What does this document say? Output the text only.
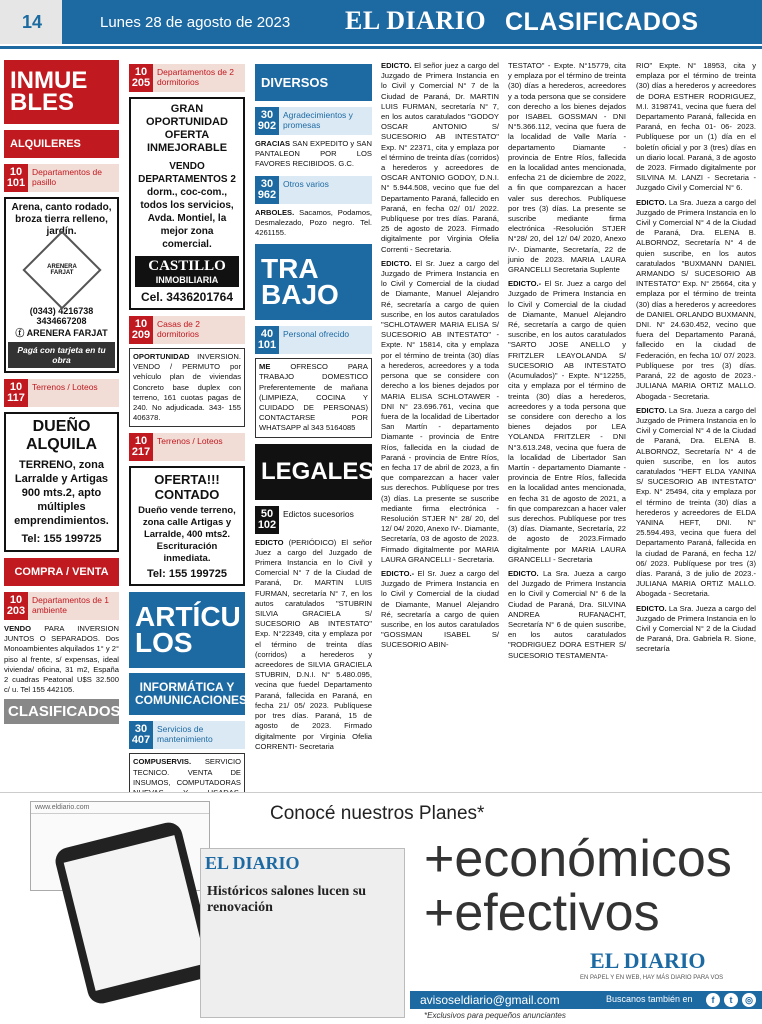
14	Lunes 28 de agosto de 2023 EL DIARIO CLASIFICADOS
INMUE BLES
ALQUILERES
10 101
Departamentos de pasillo
Arena, canto rodado, broza tierra relleno, jardín.
ARENERA FARJAT
(0343) 4216738
3434667208
ⓕ ARENERA FARJAT
Pagá con tarjeta en tu obra
10 117
Terrenos / Loteos
DUEÑO ALQUILA
TERRENO, zona Larralde y Artigas 900 mts.2, apto múltiples emprendimientos.
Tel: 155 199725
COMPRA / VENTA
10 203
Departamentos de 1 ambiente
VENDO PARA INVERSION JUNTOS O SEPARADOS. Dos Monoambientes alquilados 1° y 2° piso al frente, s/ expensas, ideal vivienda/ oficina, 31 m2, España 2 cuadras Peatonal U$S 32.500 c/ u. Tel 155 442105.
CLASIFICADOS
10 205
Departamentos de 2 dormitorios
GRAN OPORTUNIDAD OFERTA INMEJORABLE
VENDO DEPARTAMENTOS 2 dorm., coc-com., todos los servicios, Avda. Montiel, la mejor zona comercial.
CASTILLO
INMOBILIARIA
Cel. 3436201764
10 209
Casas de 2 dormitorios
OPORTUNIDAD INVERSION. VENDO / PERMUTO por vehículo plan de viviendas Concreto base duplex con terreno, 161 cuotas pagas de 240. No adjudicada. 343- 155 406378.
10 217
Terrenos / Loteos
OFERTA!!! CONTADO
Dueño vende terreno, zona calle Artigas y Larralde, 400 mts2. Escrituración inmediata.
Tel: 155 199725
ARTÍCU LOS
INFORMÁTICA Y COMUNICACIONES
30 407
Servicios de mantenimiento
COMPUSERVIS. SERVICIO TECNICO. VENTA DE INSUMOS, COMPUTADORAS
DIVERSOS
30 902
Agradecimientos y promesas
GRACIAS SAN EXPEDITO y SAN PANTALEON POR LOS FAVORES RECIBIDOS. G.C.
30 962
Otros varios
ARBOLES. Sacamos, Podamos, Desmalezado, Pozo negro. Tel. 4261155.
TRA BAJO
40 101
Personal ofrecido
ME	OFRESCO PARA TRABAJO DOMESTICO Preferentemente de mañana (LIMPIEZA, COCINA Y CUIDADO DE PERSONAS) CONTACTARSE POR WHATSAPP al 343 5164085
LEGALES
50 102
Edictos sucesorios
EDICTO (PERIÓDICO) El señor Juez a cargo del Juzgado de Primera Instancia en lo Civil y Comercial N° 7 de la Ciudad de Paraná, Dr. MARTIN LUIS FURMAN, secretaría N° 7, en los autos caratulados "STUBRIN SILVIA GRACIELA S/ SUCESORIO AB INTESTATO" Exp. N°22349, cita y emplaza por el término de treinta días (corridos) a herederos y acreedores de SILVIA GRACIELA STUBRIN, D.N.I. N° 5.480.095, vecina que fuedel Departamento Paraná, fallecida en Paraná, en fecha 21/ 05/ 2023. Publíquese por tres días. Paraná, 15 de agosto de 2023. Firmado digitalmente por Virginia Ofelia CORRENTI- Secretaria
EDICTO. El señor juez a cargo del Juzgado de Primera Instancia en lo Civil y Comercial N° 7 de la Ciudad de Paraná, Dr. MARTIN LUIS FURMAN, secretaría N° 7, en los autos caratulados "GODOY OSCAR ANTONIO S/ SUCESORIO AB INTESTATO" Exp. N° 22371, cita y emplaza por el término de treinta días (corridos) a herederos y acreedores de OSCAR ANTONIO GODOY, D.N.I. N° 5.944.508, vecino que fue del Departamento Paraná, fallecido en Paraná, en fecha 02/ 01/ 2022. Publíquese por tres días. Paraná, 25 de agosto de 2023. Firmado digitalmente por Virginia Ofelia Correnti - Secretaria.
EDICTO. El Sr. Juez a cargo del Juzgado de Primera Instancia en lo Civil y Comercial de la ciudad de Diamante, Manuel Alejandro Ré, secretaría a cargo de quien suscribe, en los autos caratulados "SCHLOTAWER MARIA ELISA S/ SUCESORIO AB INTESTATO" - Expte. N° 15814, cita y emplaza por el término de treinta (30) días a herederos, acreedores y a toda persona que se considere con derecho a los bienes dejados por MARIA ELISA SCHLOTAWER - DNI N° 23.696.761, vecina que fuera de la localidad de Libertador San Martín - departamento Diamante - provincia de Entre Ríos, fallecida en la ciudad de Paraná - provincia de Entre Ríos, en fecha 17 de abril de 2023, a fin que comparezcan a hacer valer sus derechos. Publíquese por tres (3) días. La presente se suscribe mediante firma electrónica -Resolución STJER N° 28/ 20, del 12/ 04/ 2020, Anexo IV-. Diamante, Secretaría, 03 de agosto de 2023. Firmado digitalmente por MARIA LAURA GRANCELLI - Secretaria.
EDICTO.- El Sr. Juez a cargo del Juzgado de Primera Instancia en lo Civil y Comercial de la ciudad de Diamante, Manuel Alejandro Ré, secretaría a cargo de quien suscribe, en los autos caratulados "GOSSMAN ISABEL S/ SUCESORIO ABIN-
TESTATO" - Expte. N°15779, cita y emplaza por el término de treinta (30) días a herederos, acreedores y a toda persona que se considere con derecho a los bienes dejados por ISABEL GOSSMAN - DNI N°5.366.112, vecina que fuera de la localidad de Valle María - departamento Diamante - provincia de Entre Ríos, fallecida en la localidad antes mencionada, enfecha 21 de diciembre de 2022, a fin que comparezcan a hacer valer sus derechos. Publíquese por tres (3) días. La presente se suscribe mediante firma electrónica -Resolución STJER N°28/ 20, del 12/ 04/ 2020, Anexo IV-. Diamante, Secretaría, 22 de junio de 2023. MARIA LAURA GRANCELLI Secretaria Suplente
EDICTO.- El Sr. Juez a cargo del Juzgado de Primera Instancia en lo Civil y Comercial de la ciudad de Diamante, Manuel Alejandro Ré, secretaría a cargo de quien suscribe, en los autos caratulados "SARTO JOSE ANELLO y FRITZLER LEAYOLANDA S/ SUCESORIO AB INTESTATO (Acumulados)" - Expte. N°12255, cita y emplaza por el término de treinta (30) días a herederos, acreedores y a toda persona que se considere con derecho a los bienes dejados por LEA YOLANDA FRITZLER - DNI N°3.613.248, vecina que fuera de la localidad de Libertador San Martín - departamento Diamante - provincia de Entre Ríos, fallecida en la localidad antes mencionada, en fecha 31 de agosto de 2021, a fin que comparezcan a hacer valer sus derechos. Publíquese por tres (3) días. Diamante, Secretaría, 22 de agosto de 2023.Firmado digitalmente por MARIA LAURA GRANCELLI - Secretaria
EDICTO. La Sra. Jueza a cargo del Juzgado de Primera Instancia en lo Civil y Comercial N° 6 de la Ciudad de Paraná, Dra. SILVINA ANDREA RUFANACHT, Secretaría N° 6 de quien suscribe, en los autos caratulados "RODRIGUEZ DORA ESTHER S/ SUCESORIO TESTAMENTA-
RIO" Expte. N° 18953, cita y emplaza por el término de treinta (30) días a herederos y acreedores de DORA ESTHER RODRIGUEZ, M.I. 3198741, vecina que fuera del Departamento Paraná, fallecida en Paraná, en fecha 01- 06- 2023. Publíquese por un (1) día en el boletín oficial y por 3 (tres) días en un diario local. Paraná, 3 de agosto de 2023. Firmado digitalmente por SILVINA M. LANZI - Secretaria - Juzgado Civil y Comercial N° 6.
EDICTO. La Sra. Jueza a cargo del Juzgado de Primera Instancia en lo Civil y Comercial N° 4 de la Ciudad de Paraná, Dra. ELENA B. ALBORNOZ, Secretaría N° 4 de quien suscribe, en los autos caratulados "BUXMANN DANIEL ARMANDO S/ SUCESORIO AB INTESTATO" Exp. N° 25664, cita y emplaza por el término de treinta (30) días a herederos y acreedores de DANIEL ORLANDO BUXMANN, DNI. N° 24.630.452, vecino que fuera del Departamento Paraná, fallecido en la ciudad de Federación, en fecha 10/ 07/ 2023. Publíquese por tres (3) días. Paraná, 22 de agosto de 2023.- JULIANA MARIA ORTIZ MALLO. Abogada - Secretaria.
EDICTO. La Sra. Jueza a cargo del Juzgado de Primera Instancia en lo Civil y Comercial N° 4 de la Ciudad de Paraná, Dra. ELENA B. ALBORNOZ, Secretaría N° 4 de quien suscribe, en los autos caratulados "HEFT ELDA YANINA S/ SUCESORIO AB INTESTATO" Exp. N° 25494, cita y emplaza por el término de treinta (30) días a herederos y acreedores de ELDA YANINA HEFT, DNI. N° 25.594.493, vecina que fuera del Departamento Paraná, fallecida en la ciudad de Paraná, en fecha 12/ 06/ 2023. Publíquese por tres (3) días. Paraná, 3 de julio de 2023.- JULIANA MARIA ORTIZ MALLO. Abogada - Secretaria.
EDICTO. La Sra. Jueza a cargo del Juzgado de Primera Instancia en lo Civil y Comercial N° 2 de la Ciudad de Paraná, Dra. Gabriela R. Sione, secretaría
www.eldiario.com
EL DIARIO
Históricos salones lucen su renovación
Conocé nuestros Planes*
+económicos
+efectivos
EL DIARIO
EN PAPEL Y EN WEB, HAY MÁS DIARIO PARA VOS
avisoseldiario@gmail.com	Buscanos también en	f	t	◎
*Exclusivos para pequeños anunciantes
